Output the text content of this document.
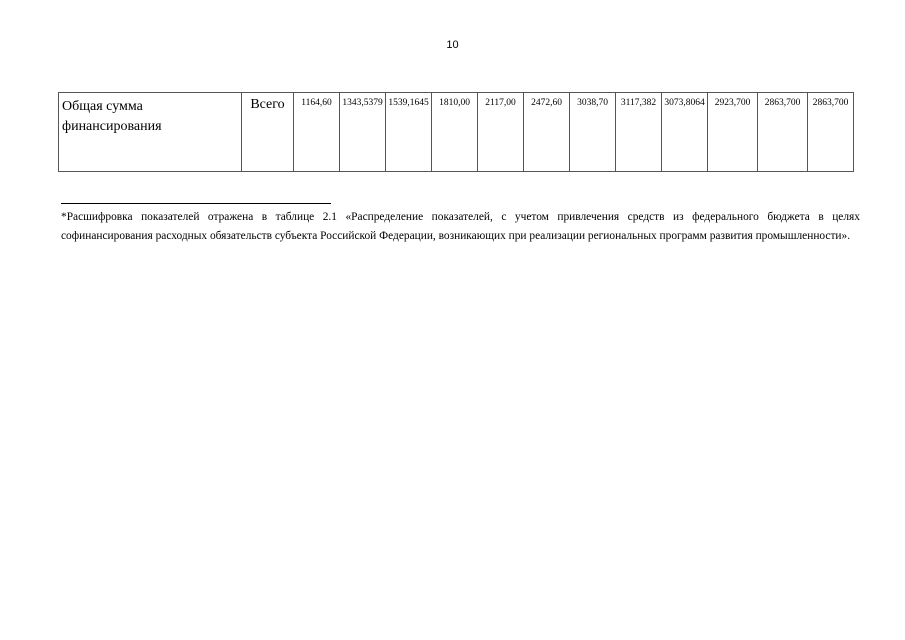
10
Общая сумма финансирования	Всего	1164,60	1343,5379	1539,1645	1810,00	2117,00	2472,60	3038,70	3117,382	3073,8064	2923,700	2863,700	2863,700
*Расшифровка показателей отражена в таблице 2.1 «Распределение показателей, с учетом привлечения средств из федерального бюджета в целях софинансирования расходных обязательств субъекта Российской Федерации, возникающих при реализации региональных программ развития промышленности».
